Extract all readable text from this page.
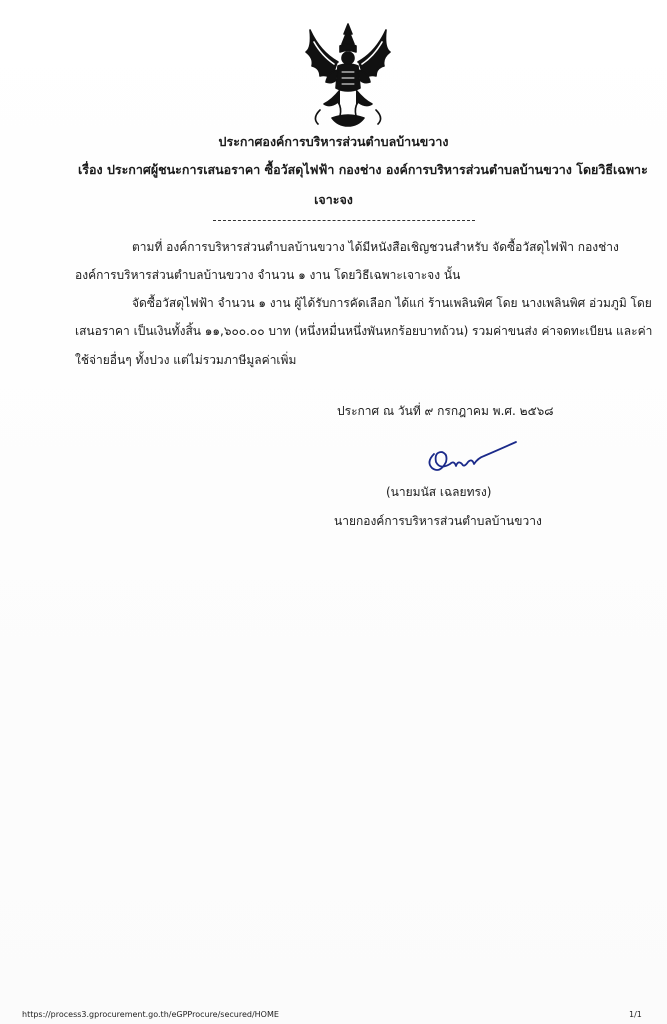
ประกาศองค์การบริหารส่วนตำบลบ้านขวาง
เรื่อง ประกาศผู้ชนะการเสนอราคา ซื้อวัสดุไฟฟ้า กองช่าง องค์การบริหารส่วนตำบลบ้านขวาง โดยวิธีเฉพาะ
เจาะจง
ตามที่ องค์การบริหารส่วนตำบลบ้านขวาง ได้มีหนังสือเชิญชวนสำหรับ จัดซื้อวัสดุไฟฟ้า กองช่าง
องค์การบริหารส่วนตำบลบ้านขวาง จำนวน ๑ งาน โดยวิธีเฉพาะเจาะจง นั้น
จัดซื้อวัสดุไฟฟ้า จำนวน ๑ งาน ผู้ได้รับการคัดเลือก ได้แก่ ร้านเพลินพิศ โดย นางเพลินพิศ อ่วมภูมิ โดย
เสนอราคา เป็นเงินทั้งสิ้น ๑๑,๖๐๐.๐๐ บาท (หนึ่งหมื่นหนึ่งพันหกร้อยบาทถ้วน) รวมค่าขนส่ง ค่าจดทะเบียน และค่า
ใช้จ่ายอื่นๆ ทั้งปวง แต่ไม่รวมภาษีมูลค่าเพิ่ม
ประกาศ ณ วันที่ ๙ กรกฎาคม พ.ศ. ๒๕๖๘
(นายมนัส เฉลยทรง)
นายกองค์การบริหารส่วนตำบลบ้านขวาง
https://process3.gprocurement.go.th/eGPProcure/secured/HOME	1/1
